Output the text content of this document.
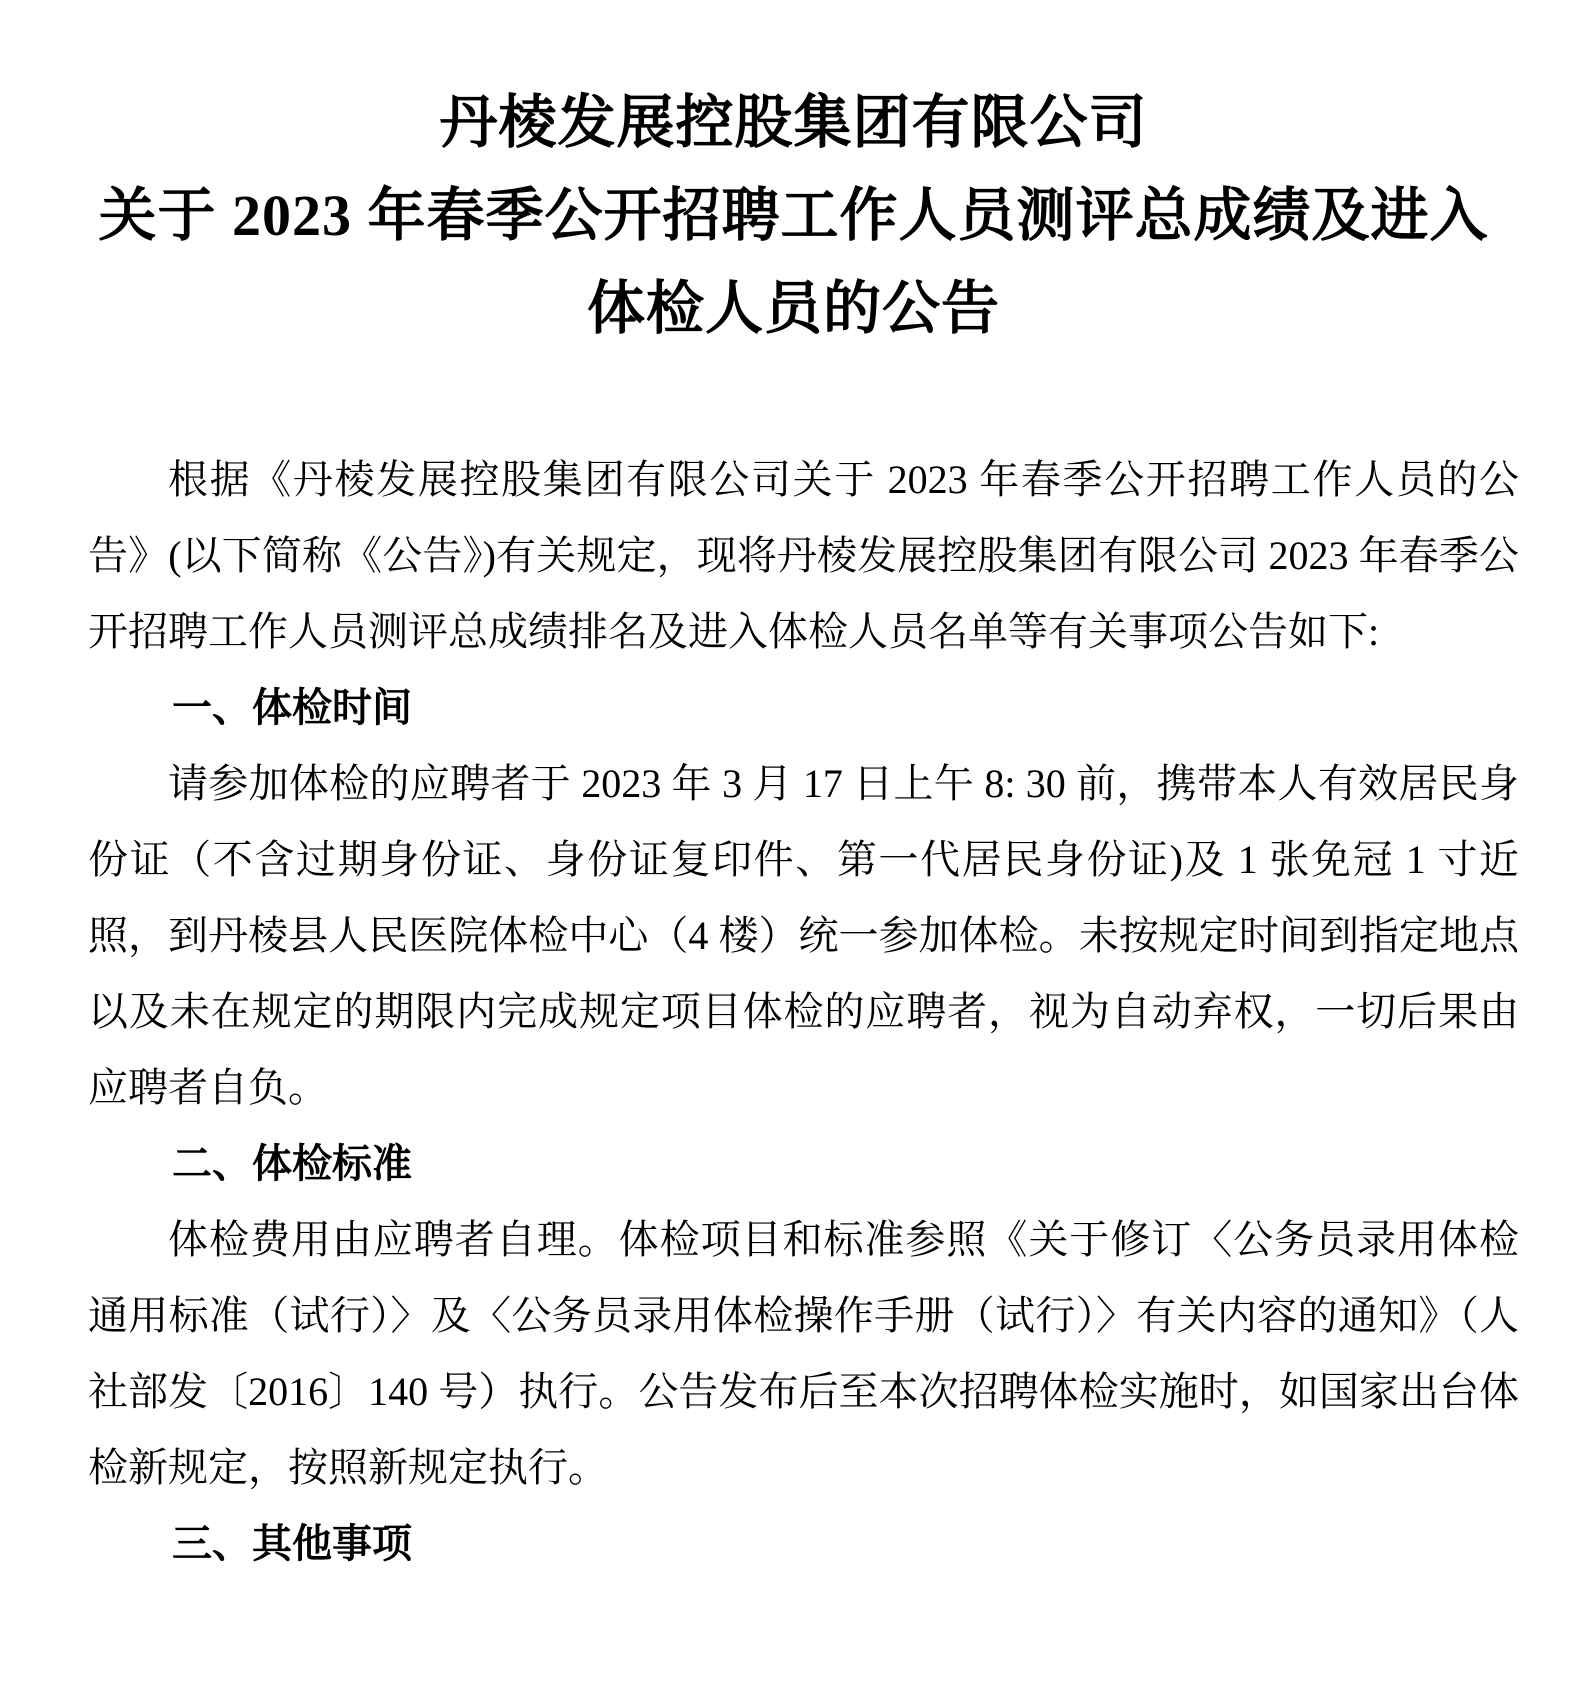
丹棱发展控股集团有限公司
关于 2023 年春季公开招聘工作人员测评总成绩及进入
体检人员的公告

根据《丹棱发展控股集团有限公司关于 2023 年春季公开招聘工作人员的公告》(以下简称《公告》)有关规定，现将丹棱发展控股集团有限公司 2023 年春季公开招聘工作人员测评总成绩排名及进入体检人员名单等有关事项公告如下:

一、体检时间

请参加体检的应聘者于 2023 年 3 月 17 日上午 8: 30 前，携带本人有效居民身份证（不含过期身份证、身份证复印件、第一代居民身份证)及 1 张免冠 1 寸近照，到丹棱县人民医院体检中心（4 楼）统一参加体检。未按规定时间到指定地点以及未在规定的期限内完成规定项目体检的应聘者，视为自动弃权，一切后果由应聘者自负。

二、体检标准

体检费用由应聘者自理。体检项目和标准参照《关于修订〈公务员录用体检通用标准（试行）〉及〈公务员录用体检操作手册（试行）〉有关内容的通知》（人社部发〔2016〕140 号）执行。公告发布后至本次招聘体检实施时，如国家出台体检新规定，按照新规定执行。

三、其他事项
